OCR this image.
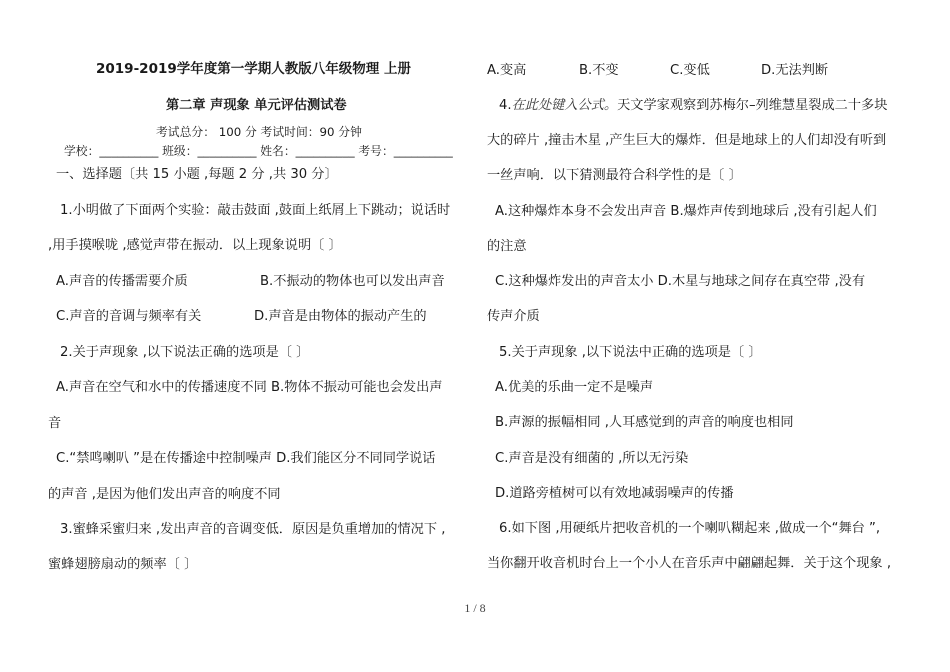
2019-2019学年度第一学期人教版八年级物理 上册
第二章 声现象 单元评估测试卷
考试总分： 100 分 考试时间：90 分钟
学校：__________ 班级：__________ 姓名：__________ 考号：__________
一、选择题〔共 15 小题 ,每题 2 分 ,共 30 分〕
1.小明做了下面两个实验：敲击鼓面 ,鼓面上纸屑上下跳动；说话时
,用手摸喉咙 ,感觉声带在振动．以上现象说明〔 〕
A.声音的传播需要介质	B.不振动的物体也可以发出声音
C.声音的音调与频率有关	D.声音是由物体的振动产生的
2.关于声现象 ,以下说法正确的选项是〔 〕
A.声音在空气和水中的传播速度不同 B.物体不振动可能也会发出声
音
C.“禁鸣喇叭 ”是在传播途中控制噪声 D.我们能区分不同同学说话
的声音 ,是因为他们发出声音的响度不同
3.蜜蜂采蜜归来 ,发出声音的音调变低．原因是负重增加的情况下 ,
蜜蜂翅膀扇动的频率〔 〕
A.变高	B.不变	C.变低	D.无法判断
4.在此处键入公式。天文学家观察到苏梅尔–列维慧星裂成二十多块
大的碎片 ,撞击木星 ,产生巨大的爆炸．但是地球上的人们却没有听到
一丝声响．以下猜测最符合科学性的是〔 〕
A.这种爆炸本身不会发出声音 B.爆炸声传到地球后 ,没有引起人们
的注意
C.这种爆炸发出的声音太小 D.木星与地球之间存在真空带 ,没有
传声介质
5.关于声现象 ,以下说法中正确的选项是〔 〕
A.优美的乐曲一定不是噪声
B.声源的振幅相同 ,人耳感觉到的声音的响度也相同
C.声音是没有细菌的 ,所以无污染
D.道路旁植树可以有效地减弱噪声的传播
6.如下图 ,用硬纸片把收音机的一个喇叭糊起来 ,做成一个“舞台 ”,
当你翻开收音机时台上一个小人在音乐声中翩翩起舞．关于这个现象 ,
1 / 8
